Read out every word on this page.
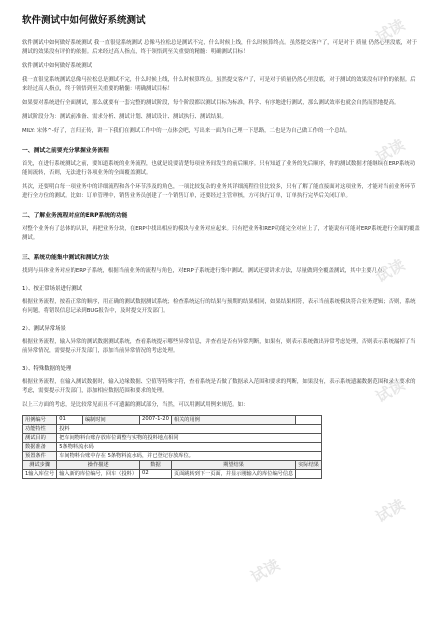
软件测试中如何做好系统测试

软件测试中如何做好系统测试 我一直很觉系统测试 总像马拉松总是测试不完，什么时候上线，什么时候算终点。虽然提交客户了，可是对于 质量 仍然心里没底，对于测试的效果没有评价的依据。后来经过高人指点，终于领悟到至关重要的精髓：明确测试目标！

软件测试中如何做好系统测试

我一直很觉系统测试总像马拉松总是测试不完，什么时候上线，什么时候算终点。虽然提交客户了，可是对于质量仍然心里没底，对于测试的效果没有评价的依据。后来经过高人指点，终于领悟到至关重要的精髓：明确测试目标！

如果要对系统进行全面测试，那么就要有一套完整的测试阶段，每个阶段都以测试目标为标准，科学、有序地进行测试，那么测试效率也就会自然而然地提高。

测试阶段分为：测试前准备、需求分析、测试计划、测试设计、测试执行、测试结果。

MILY: 宋体^-好了，言归正传，讲一下我们在测试工作中的一点体会吧，写出来一面为自己理一下思路，二也是为自己做工作的一个总结。

一、测试之前要充分掌握业务流程

首先，在进行系统测试之前，要知道系统的业务流程，也就是说要清楚每项业务间发生的前后顺序。只有知道了业务的先后顺序，你的测试数据才能继续在ERP系统功能间流转，否则，无法进行各项业务的全面覆盖测试。

其次，还要明白每一项业务中的详细流程和各个环节涉及的角色，一项比较复杂的业务其详细流程往往比较多，只有了解了能直接面对这项业务，才能对当前业务环节进行全方位的测试。比如：订单管理中，销售业务员创建了一个销售订单，还要经过主管审核，方可执行订单，订单执行完毕后关闭订单。

二、了解业务流程对应的ERP系统的功能

对整个业务有了总体的认识，再把业务分块，在ERP中找出相应的模块与业务对应起来。只有把业务和REP功能完全对应上了，才能说有可能对ERP系统进行全面的覆盖测试。

三、系统功能集中测试和测试方法

找到与具体业务对应的ERP子系统，根据当前业务的流程与角色，对ERP子系统进行集中测试。测试还要讲求方法，尽量做到全覆盖测试，其中主要几点：

1）、按正常场景进行测试

根据业务流程，按着正常的顺序，用正确的测试数据测试系统；检查系统运行的结果与预期的结果相同，如果结果相符，表示当前系统模块符合业务逻辑；否则，系统有问题，将错误信息记录到BUG报告中，及时提交开发部门。

2）、测试异常场景

根据业务流程，输入异常的测试数据测试系统，查看系统提示哪些异常信息，并查看是否有异常判断，如果有，则表示系统做出异常考虑处理，否则表示系统漏掉了当前异常情况，需要提示开发部门，添加当前异常情况的考虑处理。

3）、特殊数据的处理

根据业务流程，在输入测试数据时，输入边缘数据、空值等特殊字符，查看系统是否做了数据录入范围和要求的判断，如果没有，表示系统遗漏数据范围和录入要求的考虑，需要提示开发部门，添加相应数据范围和要求的处理。

以上三方面的考虑，是比较常见而且不可遗漏的测试部分，当然，可以用测试用例来规范。如：

用例编号	01	编制时间	2007-1-20	相关的用例	
功能特性	投料				
测试目的	把车间物料台账存放库位调整与实物的投料地点相同				
数据准备	5条物料流水码				
预置条件	车间物料台账中存在 5条物料流水码，并已登记存放库位。				
测试步骤	操作描述		数据	期望结果	实际结果
1输入库位号	输入新的库位编号，回车（投料）		02	页面跳转到下一页面，并显示刚输入的库位编号信息	
试读
试读
试读
试读
试读
试读
